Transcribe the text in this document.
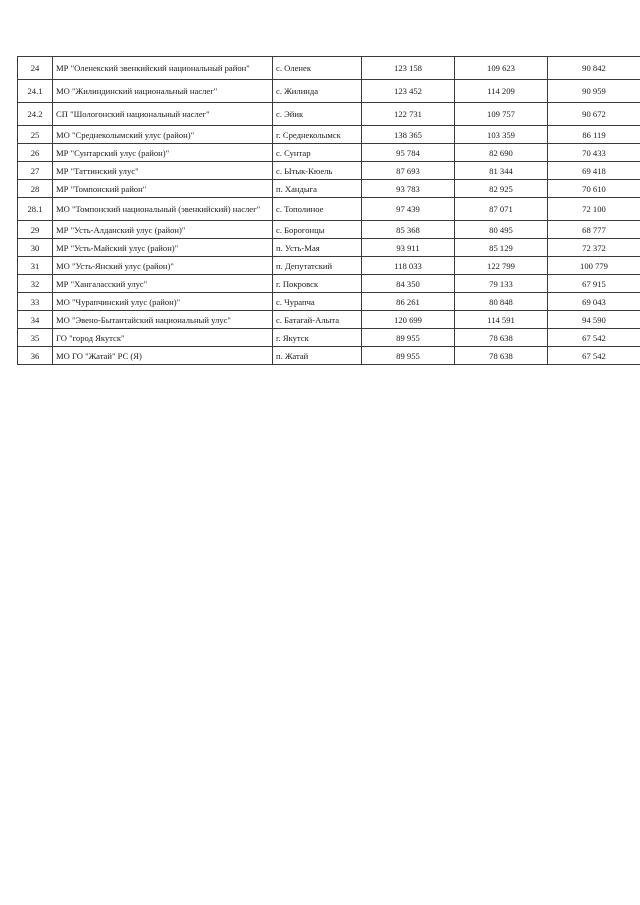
24	МР "Оленекский эвенкийский национальный район"	с. Оленек	123 158	109 623	90 842
24.1	МО "Жилиндинский национальный наслег"	с. Жилинда	123 452	114 209	90 959
24.2	СП "Шологонский национальный наслег"	с. Эйик	122 731	109 757	90 672
25	МО "Среднеколымский улус (район)"	г. Среднеколымск	138 365	103 359	86 119
26	МР "Сунтарский улус (район)"	с. Сунтар	95 784	82 690	70 433
27	МР "Таттинский улус"	с. Ытык-Кюель	87 693	81 344	69 418
28	МР "Томпонский район"	п. Хандыга	93 783	82 925	70 610
28.1	МО "Томпонский национальный (эвенкийский) наслег"	с. Тополиное	97 439	87 071	72 100
29	МР "Усть-Алданский улус (район)"	с. Борогонцы	85 368	80 495	68 777
30	МР "Усть-Майский улус (район)"	п. Усть-Мая	93 911	85 129	72 372
31	МО "Усть-Янский улус (район)"	п. Депутатский	118 033	122 799	100 779
32	МР "Хангаласский улус"	г. Покровск	84 350	79 133	67 915
33	МО "Чурапчинский улус (район)"	с. Чурапча	86 261	80 848	69 043
34	МО "Эвено-Бытантайский национальный улус"	с. Батагай-Алыта	120 699	114 591	94 590
35	ГО "город Якутск"	г. Якутск	89 955	78 638	67 542
36	МО ГО "Жатай" РС (Я)	п. Жатай	89 955	78 638	67 542
